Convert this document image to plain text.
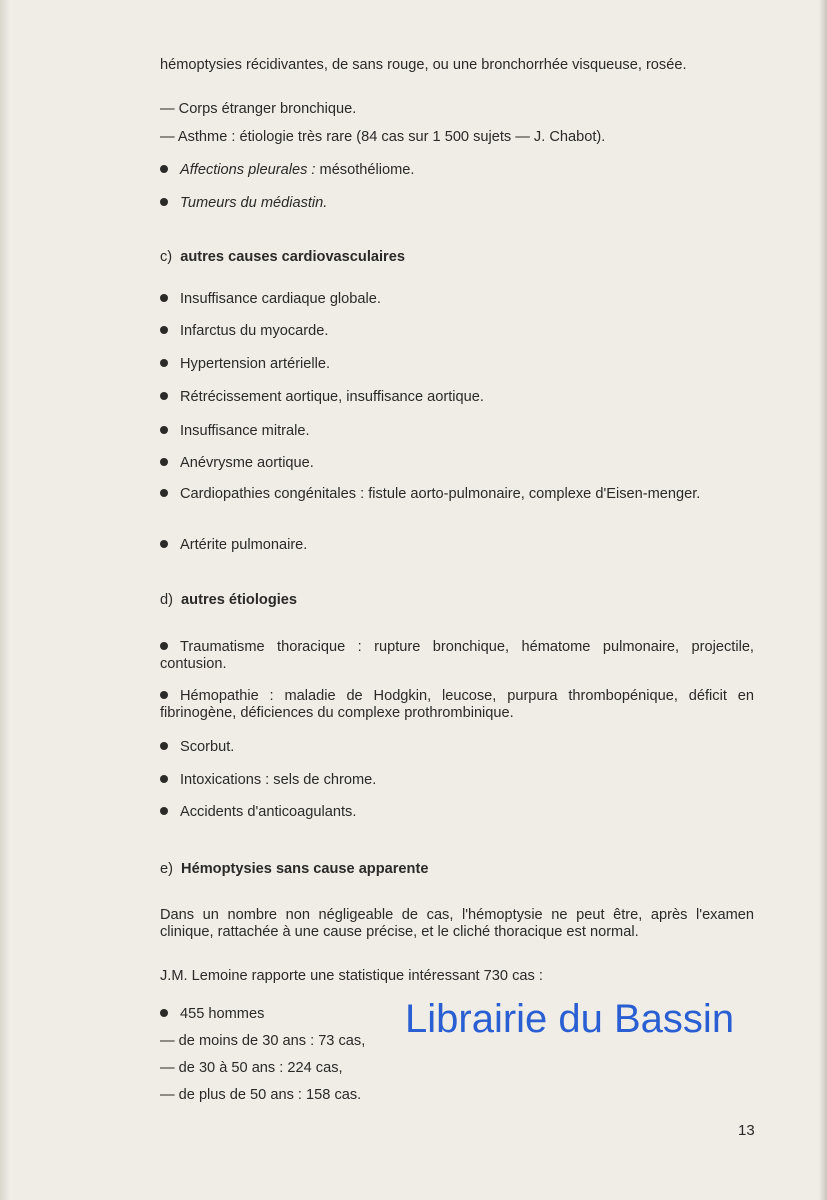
hémoptysies récidivantes, de sans rouge, ou une bronchorrhée visqueuse, rosée.
— Corps étranger bronchique.
— Asthme : étiologie très rare (84 cas sur 1 500 sujets — J. Chabot).
Affections pleurales : mésothéliome.
Tumeurs du médiastin.
c) autres causes cardiovasculaires
Insuffisance cardiaque globale.
Infarctus du myocarde.
Hypertension artérielle.
Rétrécissement aortique, insuffisance aortique.
Insuffisance mitrale.
Anévrysme aortique.
Cardiopathies congénitales : fistule aorto-pulmonaire, complexe d'Eisen-menger.
Artérite pulmonaire.
d) autres étiologies
Traumatisme thoracique : rupture bronchique, hématome pulmonaire, projectile, contusion.
Hémopathie : maladie de Hodgkin, leucose, purpura thrombopénique, déficit en fibrinogène, déficiences du complexe prothrombinique.
Scorbut.
Intoxications : sels de chrome.
Accidents d'anticoagulants.
e) Hémoptysies sans cause apparente
Dans un nombre non négligeable de cas, l'hémoptysie ne peut être, après l'examen clinique, rattachée à une cause précise, et le cliché thoracique est normal.
J.M. Lemoine rapporte une statistique intéressant 730 cas :
455 hommes
— de moins de 30 ans : 73 cas,
— de 30 à 50 ans : 224 cas,
— de plus de 50 ans : 158 cas.
Librairie du Bassin
13
